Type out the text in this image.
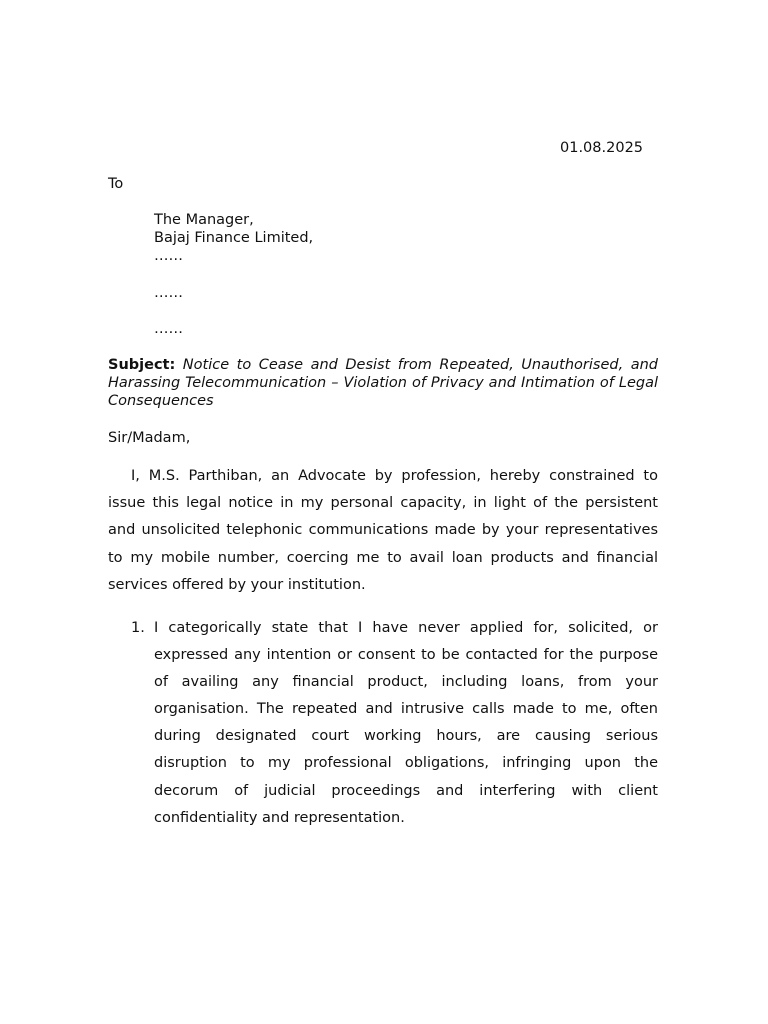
01.08.2025
To
The Manager,
Bajaj Finance Limited,
……
……
……
Subject: Notice to Cease and Desist from Repeated, Unauthorised, and Harassing Telecommunication – Violation of Privacy and Intimation of Legal Consequences
Sir/Madam,
I, M.S. Parthiban, an Advocate by profession, hereby constrained to issue this legal notice in my personal capacity, in light of the persistent and unsolicited telephonic communications made by your representatives to my mobile number, coercing me to avail loan products and financial services offered by your institution.
1. I categorically state that I have never applied for, solicited, or expressed any intention or consent to be contacted for the purpose of availing any financial product, including loans, from your organisation. The repeated and intrusive calls made to me, often during designated court working hours, are causing serious disruption to my professional obligations, infringing upon the decorum of judicial proceedings and interfering with client confidentiality and representation.
